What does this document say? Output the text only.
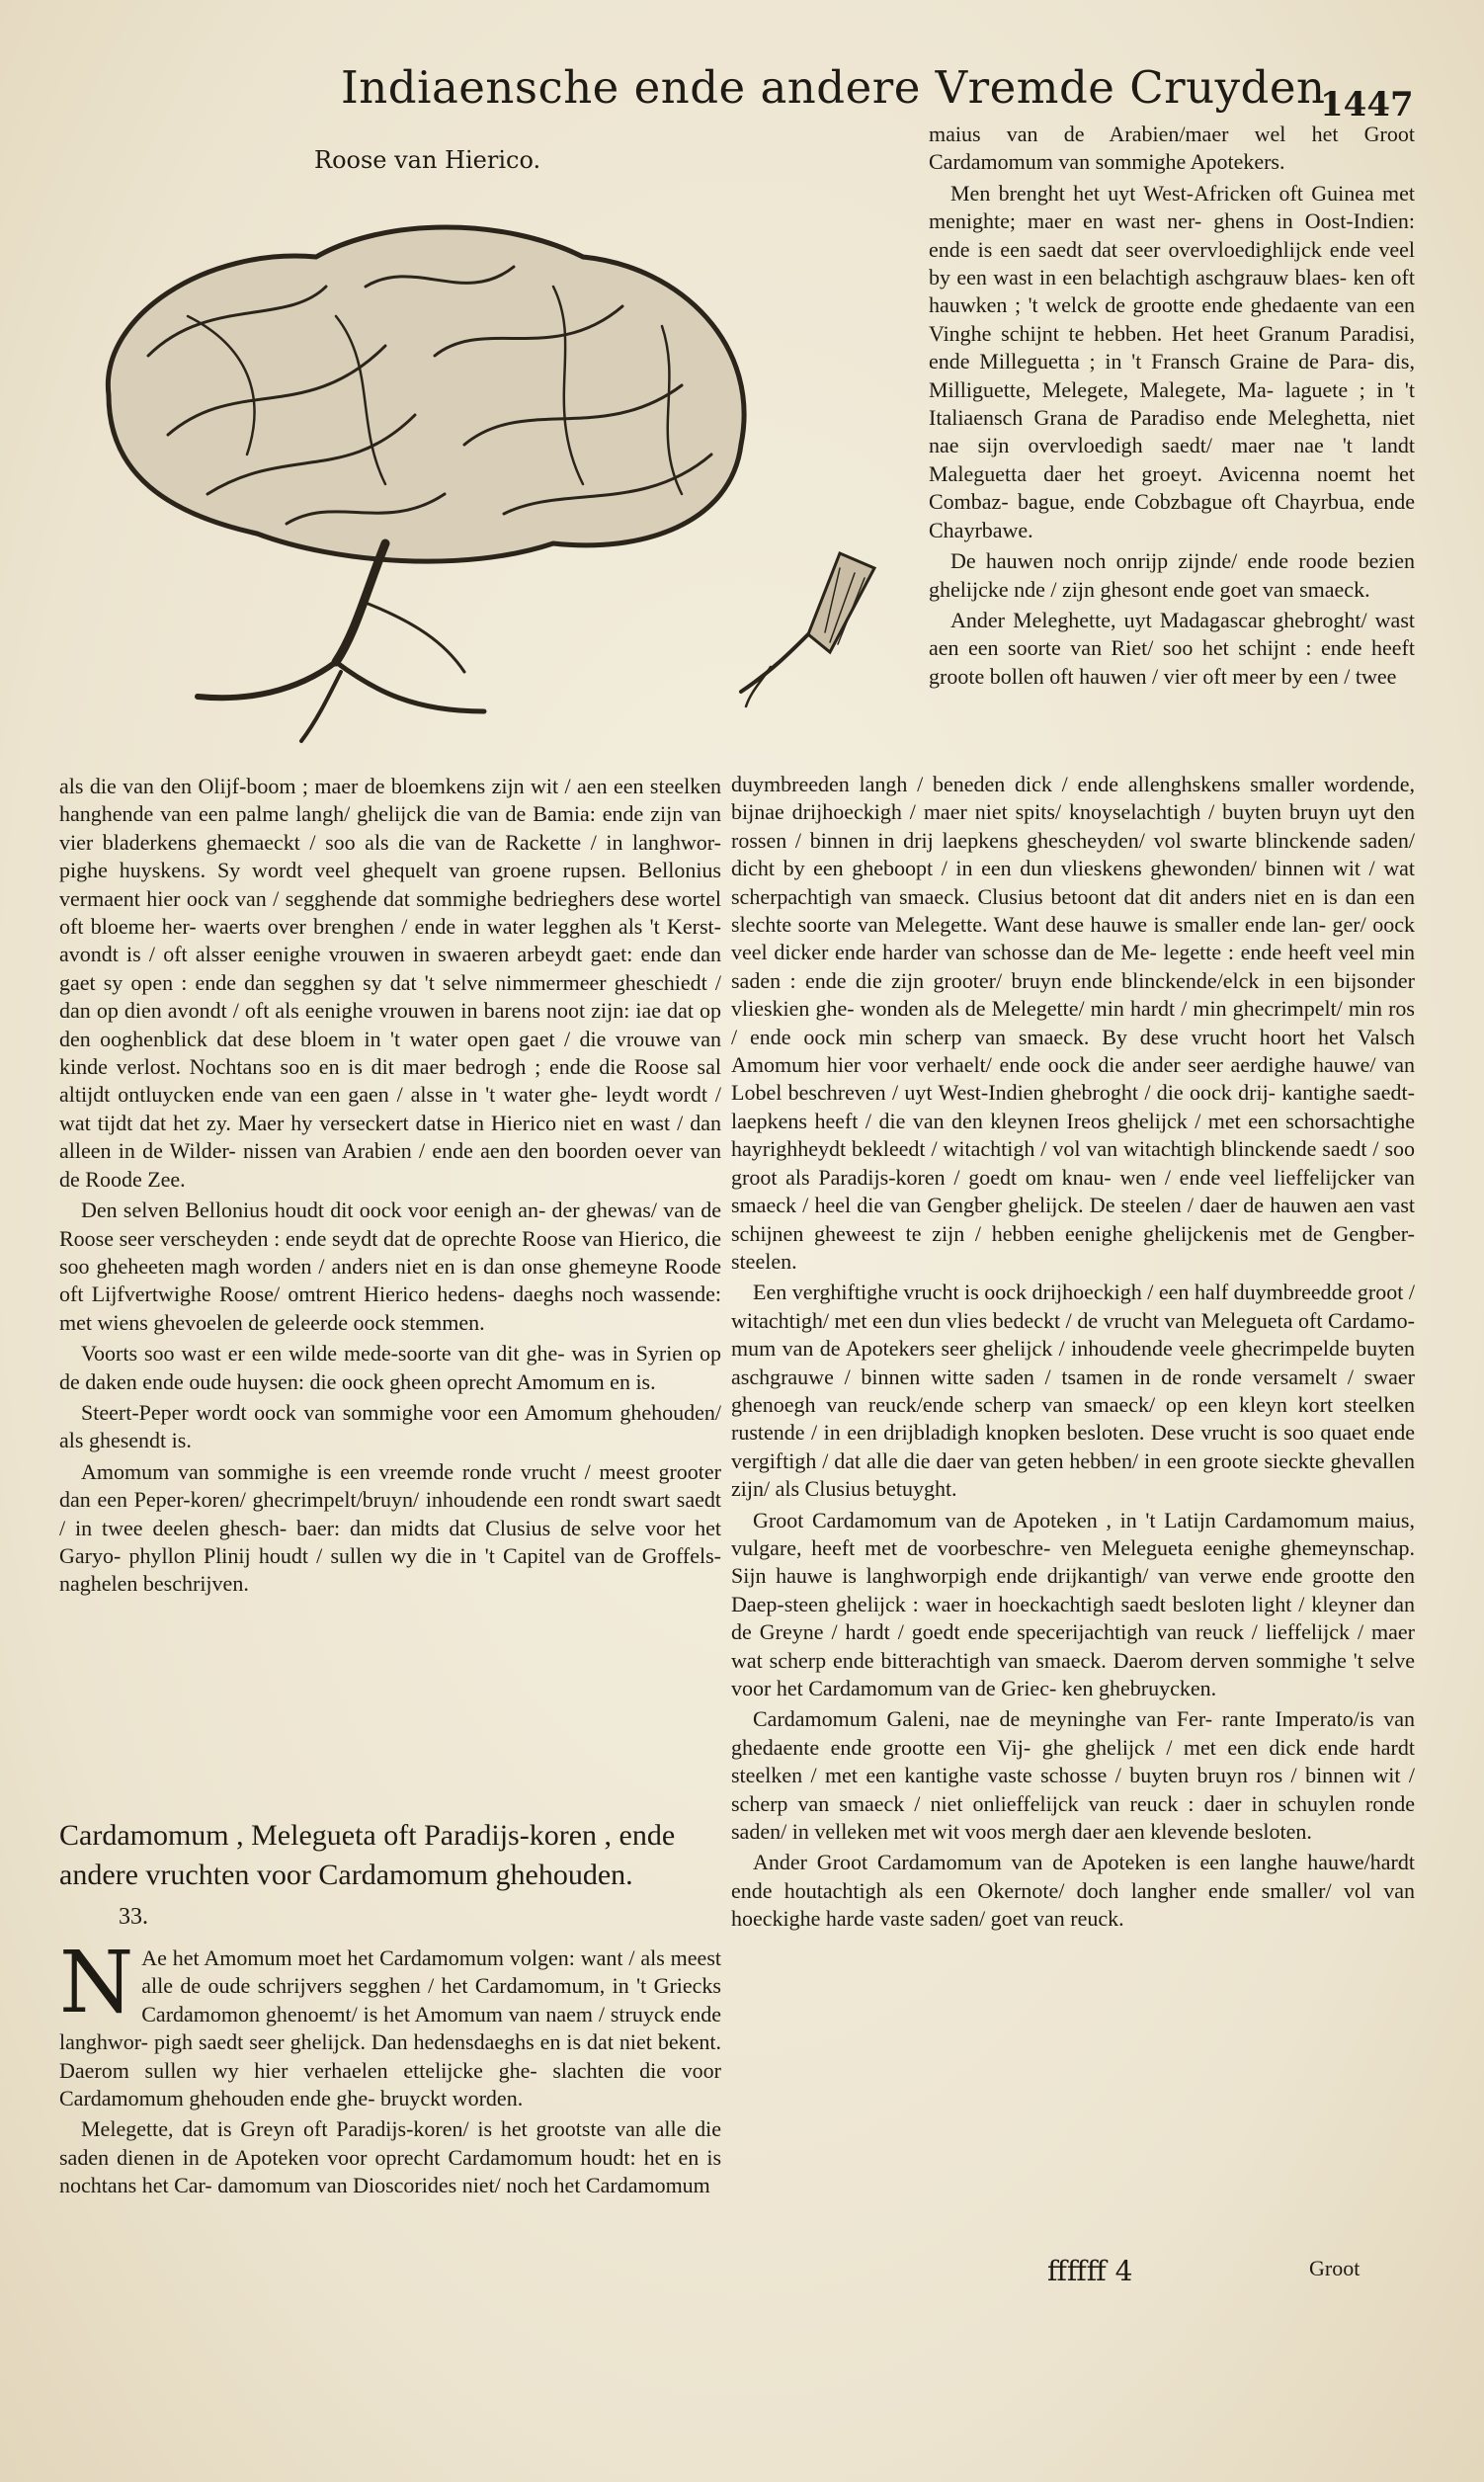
Indiaensche ende andere Vremde Cruyden.
1447
Roose van Hierico.

maius van de Arabien/maer wel het Groot Cardamomum van sommighe Apotekers.

Men brenght het uyt West-Africken oft Guinea met menighte; maer en wast ner- ghens in Oost-Indien: ende is een saedt dat seer overvloedighlijck ende veel by een wast in een belachtigh aschgrauw blaes- ken oft hauwken ; 't welck de grootte ende ghedaente van een Vinghe schijnt te hebben. Het heet Granum Paradisi, ende Milleguetta ; in 't Fransch Graine de Para- dis, Milliguette, Melegete, Malegete, Ma- laguete ; in 't Italiaensch Grana de Paradiso ende Meleghetta, niet nae sijn overvloedigh saedt/ maer nae 't landt Maleguetta daer het groeyt. Avicenna noemt het Combaz- bague, ende Cobzbague oft Chayrbua, ende Chayrbawe.

De hauwen noch onrijp zijnde/ ende roode bezien ghelijcke nde / zijn ghesont ende goet van smaeck.

Ander Meleghette, uyt Madagascar ghebroght/ wast aen een soorte van Riet/ soo het schijnt : ende heeft groote bollen oft hauwen / vier oft meer by een / twee

duymbreeden langh / beneden dick / ende allenghskens smaller wordende, bijnae drijhoeckigh / maer niet spits/ knoyselachtigh / buyten bruyn uyt den rossen / binnen in drij laepkens ghescheyden/ vol swarte blinckende saden/ dicht by een gheboopt / in een dun vlieskens ghewonden/ binnen wit / wat scherpachtigh van smaeck. Clusius betoont dat dit anders niet en is dan een slechte soorte van Melegette. Want dese hauwe is smaller ende lan- ger/ oock veel dicker ende harder van schosse dan de Me- legette : ende heeft veel min saden : ende die zijn grooter/ bruyn ende blinckende/elck in een bijsonder vlieskien ghe- wonden als de Melegette/ min hardt / min ghecrimpelt/ min ros / ende oock min scherp van smaeck. By dese vrucht hoort het Valsch Amomum hier voor verhaelt/ ende oock die ander seer aerdighe hauwe/ van Lobel beschreven / uyt West-Indien ghebroght / die oock drij- kantighe saedt-laepkens heeft / die van den kleynen Ireos ghelijck / met een schorsachtighe hayrighheydt bekleedt / witachtigh / vol van witachtigh blinckende saedt / soo groot als Paradijs-koren / goedt om knau- wen / ende veel lieffelijcker van smaeck / heel die van Gengber ghelijck. De steelen / daer de hauwen aen vast schijnen gheweest te zijn / hebben eenighe ghelijckenis met de Gengber-steelen.

Een verghiftighe vrucht is oock drijhoeckigh / een half duymbreedde groot / witachtigh/ met een dun vlies bedeckt / de vrucht van Melegueta oft Cardamo- mum van de Apotekers seer ghelijck / inhoudende veele ghecrimpelde buyten aschgrauwe / binnen witte saden / tsamen in de ronde versamelt / swaer ghenoegh van reuck/ende scherp van smaeck/ op een kleyn kort steelken rustende / in een drijbladigh knopken besloten. Dese vrucht is soo quaet ende vergiftigh / dat alle die daer van geten hebben/ in een groote sieckte ghevallen zijn/ als Clusius betuyght.

Groot Cardamomum van de Apoteken , in 't Latijn Cardamomum maius, vulgare, heeft met de voorbeschre- ven Melegueta eenighe ghemeynschap. Sijn hauwe is langhworpigh ende drijkantigh/ van verwe ende grootte den Daep-steen ghelijck : waer in hoeckachtigh saedt besloten light / kleyner dan de Greyne / hardt / goedt ende specerijachtigh van reuck / lieffelijck / maer wat scherp ende bitterachtigh van smaeck. Daerom derven sommighe 't selve voor het Cardamomum van de Griec- ken ghebruycken.

Cardamomum Galeni, nae de meyninghe van Fer- rante Imperato/is van ghedaente ende grootte een Vij- ghe ghelijck / met een dick ende hardt steelken / met een kantighe vaste schosse / buyten bruyn ros / binnen wit / scherp van smaeck / niet onlieffelijck van reuck : daer in schuylen ronde saden/ in velleken met wit voos mergh daer aen klevende besloten.

Ander Groot Cardamomum van de Apoteken is een langhe hauwe/hardt ende houtachtigh als een Okernote/ doch langher ende smaller/ vol van hoeckighe harde vaste saden/ goet van reuck.

als die van den Olijf-boom ; maer de bloemkens zijn wit / aen een steelken hanghende van een palme langh/ ghelijck die van de Bamia: ende zijn van vier bladerkens ghemaeckt / soo als die van de Rackette / in langhwor- pighe huyskens. Sy wordt veel ghequelt van groene rupsen. Bellonius vermaent hier oock van / segghende dat sommighe bedrieghers dese wortel oft bloeme her- waerts over brenghen / ende in water legghen als 't Kerst-avondt is / oft alsser eenighe vrouwen in swaeren arbeydt gaet: ende dan gaet sy open : ende dan segghen sy dat 't selve nimmermeer gheschiedt / dan op dien avondt / oft als eenighe vrouwen in barens noot zijn: iae dat op den ooghenblick dat dese bloem in 't water open gaet / die vrouwe van kinde verlost. Nochtans soo en is dit maer bedrogh ; ende die Roose sal altijdt ontluycken ende van een gaen / alsse in 't water ghe- leydt wordt / wat tijdt dat het zy. Maer hy verseckert datse in Hierico niet en wast / dan alleen in de Wilder- nissen van Arabien / ende aen den boorden oever van de Roode Zee.

Den selven Bellonius houdt dit oock voor eenigh an- der ghewas/ van de Roose seer verscheyden : ende seydt dat de oprechte Roose van Hierico, die soo gheheeten magh worden / anders niet en is dan onse ghemeyne Roode oft Lijfvertwighe Roose/ omtrent Hierico hedens- daeghs noch wassende: met wiens ghevoelen de geleerde oock stemmen.

Voorts soo wast er een wilde mede-soorte van dit ghe- was in Syrien op de daken ende oude huysen: die oock gheen oprecht Amomum en is.

Steert-Peper wordt oock van sommighe voor een Amomum ghehouden/ als ghesendt is.

Amomum van sommighe is een vreemde ronde vrucht / meest grooter dan een Peper-koren/ ghecrimpelt/bruyn/ inhoudende een rondt swart saedt / in twee deelen ghesch- baer: dan midts dat Clusius de selve voor het Garyo- phyllon Plinij houdt / sullen wy die in 't Capitel van de Groffels-naghelen beschrijven.

Cardamomum , Melegueta oft Paradijs-koren , ende andere vruchten voor Cardamomum ghehouden. 33.

N Ae het Amomum moet het Cardamomum volgen: want / als meest alle de oude schrijvers segghen / het Cardamomum, in 't Griecks Cardamomon ghenoemt/ is het Amomum van naem / struyck ende langhwor- pigh saedt seer ghelijck. Dan hedensdaeghs en is dat niet bekent. Daerom sullen wy hier verhaelen ettelijcke ghe- slachten die voor Cardamomum ghehouden ende ghe- bruyckt worden.

Melegette, dat is Greyn oft Paradijs-koren/ is het grootste van alle die saden dienen in de Apoteken voor oprecht Cardamomum houdt: het en is nochtans het Car- damomum van Dioscorides niet/ noch het Cardamomum

ffffff 4	Groot
